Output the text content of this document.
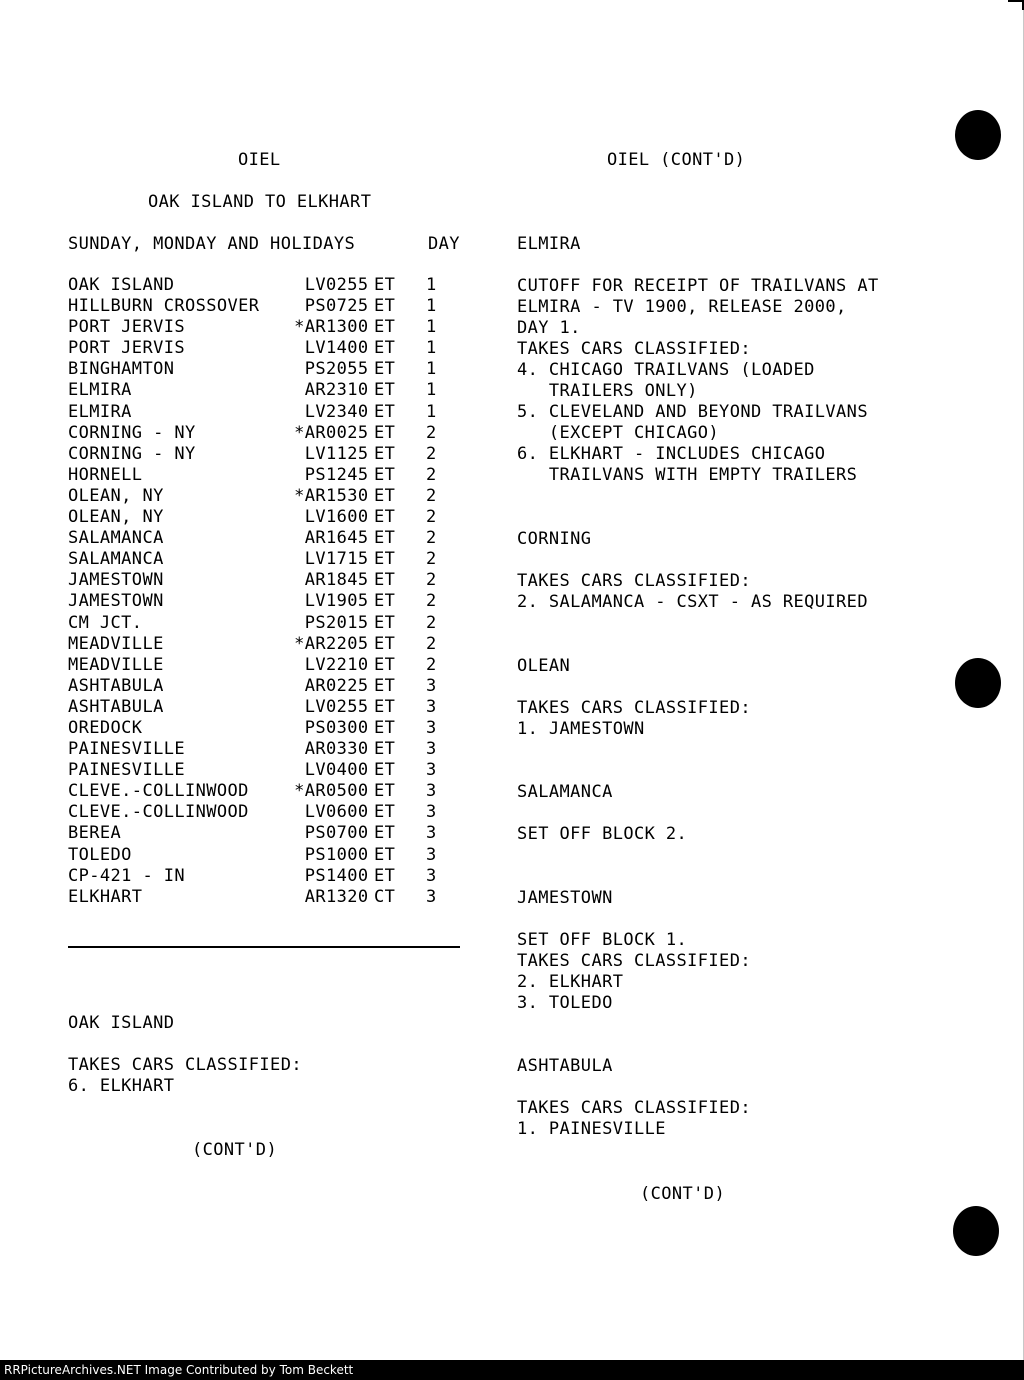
OIEL
OAK ISLAND TO ELKHART
SUNDAY, MONDAY AND HOLIDAYS	DAY
OAK ISLAND	LV	0255	ET	1
HILLBURN CROSSOVER	PS	0725	ET	1
PORT JERVIS	*AR	1300	ET	1
PORT JERVIS	LV	1400	ET	1
BINGHAMTON	PS	2055	ET	1
ELMIRA	AR	2310	ET	1
ELMIRA	LV	2340	ET	1
CORNING - NY	*AR	0025	ET	2
CORNING - NY	LV	1125	ET	2
HORNELL	PS	1245	ET	2
OLEAN, NY	*AR	1530	ET	2
OLEAN, NY	LV	1600	ET	2
SALAMANCA	AR	1645	ET	2
SALAMANCA	LV	1715	ET	2
JAMESTOWN	AR	1845	ET	2
JAMESTOWN	LV	1905	ET	2
CM JCT.	PS	2015	ET	2
MEADVILLE	*AR	2205	ET	2
MEADVILLE	LV	2210	ET	2
ASHTABULA	AR	0225	ET	3
ASHTABULA	LV	0255	ET	3
OREDOCK	PS	0300	ET	3
PAINESVILLE	AR	0330	ET	3
PAINESVILLE	LV	0400	ET	3
CLEVE.-COLLINWOOD	*AR	0500	ET	3
CLEVE.-COLLINWOOD	LV	0600	ET	3
BEREA	PS	0700	ET	3
TOLEDO	PS	1000	ET	3
CP-421 - IN	PS	1400	ET	3
ELKHART	AR	1320	CT	3
OAK ISLAND
TAKES CARS CLASSIFIED:
6. ELKHART
(CONT'D)
OIEL (CONT'D)
ELMIRA
CUTOFF FOR RECEIPT OF TRAILVANS AT
ELMIRA - TV 1900, RELEASE 2000,
DAY 1.
TAKES CARS CLASSIFIED:
4. CHICAGO TRAILVANS (LOADED
TRAILERS ONLY)
5. CLEVELAND AND BEYOND TRAILVANS
(EXCEPT CHICAGO)
6. ELKHART - INCLUDES CHICAGO
TRAILVANS WITH EMPTY TRAILERS
CORNING
TAKES CARS CLASSIFIED:
2. SALAMANCA - CSXT - AS REQUIRED
OLEAN
TAKES CARS CLASSIFIED:
1. JAMESTOWN
SALAMANCA
SET OFF BLOCK 2.
JAMESTOWN
SET OFF BLOCK 1.
TAKES CARS CLASSIFIED:
2. ELKHART
3. TOLEDO
ASHTABULA
TAKES CARS CLASSIFIED:
1. PAINESVILLE
(CONT'D)
RRPictureArchives.NET Image Contributed by Tom Beckett
